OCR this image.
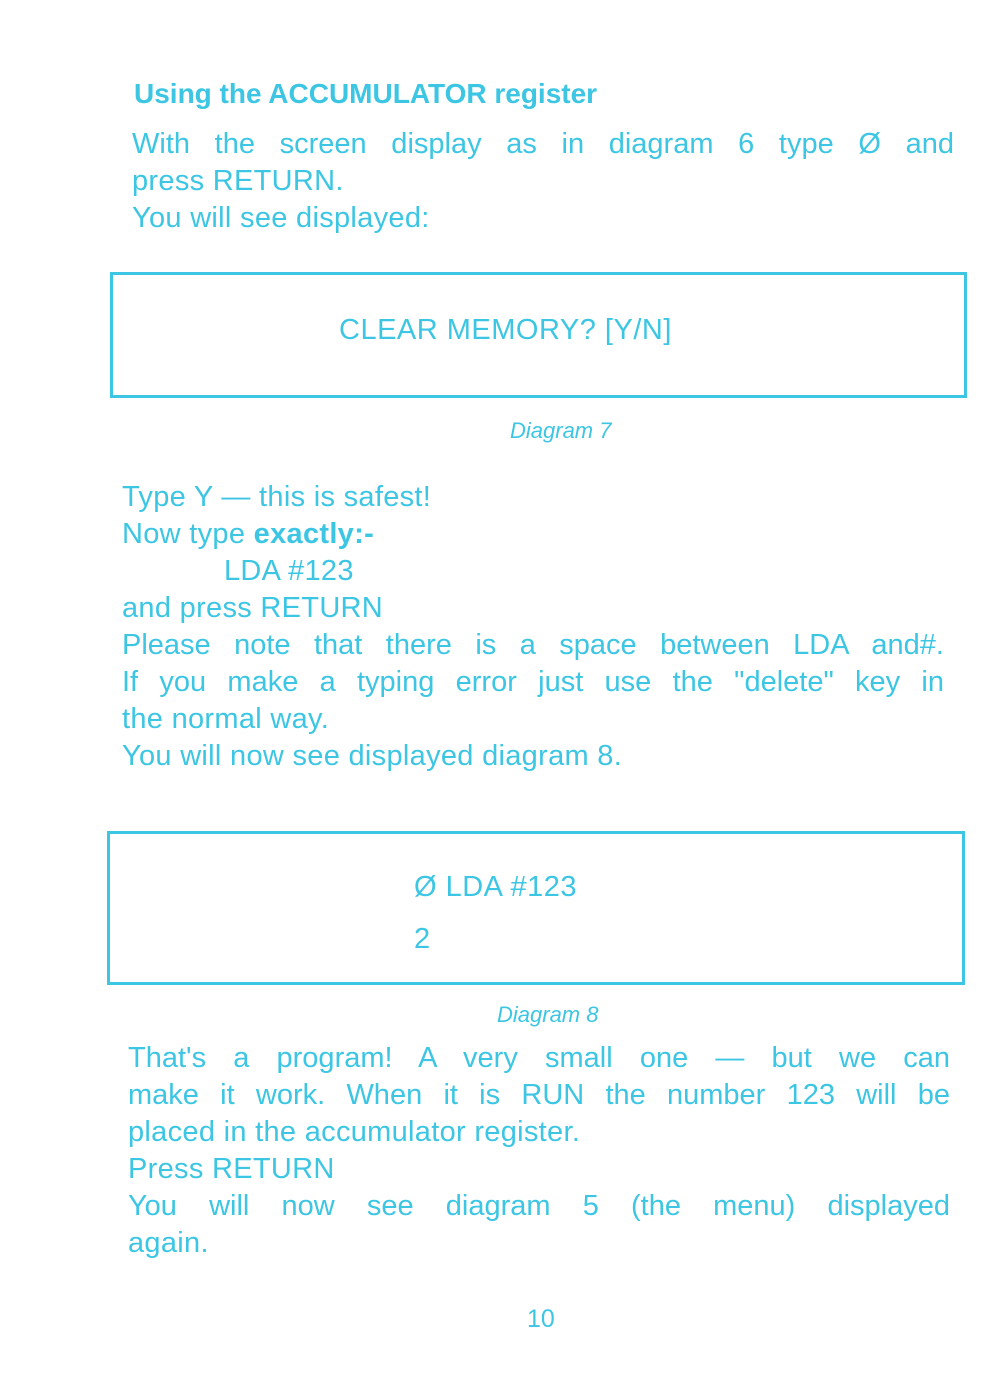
Using the ACCUMULATOR register
With the screen display as in diagram 6 type Ø and
press RETURN.
You will see displayed:
CLEAR MEMORY? [Y/N]
Diagram 7
Type Y — this is safest!
Now type exactly:-
LDA #123
and press RETURN
Please note that there is a space between LDA and#.
If you make a typing error just use the "delete" key in
the normal way.
You will now see displayed diagram 8.
Ø LDA #123
2
Diagram 8
That's a program! A very small one — but we can
make it work. When it is RUN the number 123 will be
placed in the accumulator register.
Press RETURN
You will now see diagram 5 (the menu) displayed
again.
10
